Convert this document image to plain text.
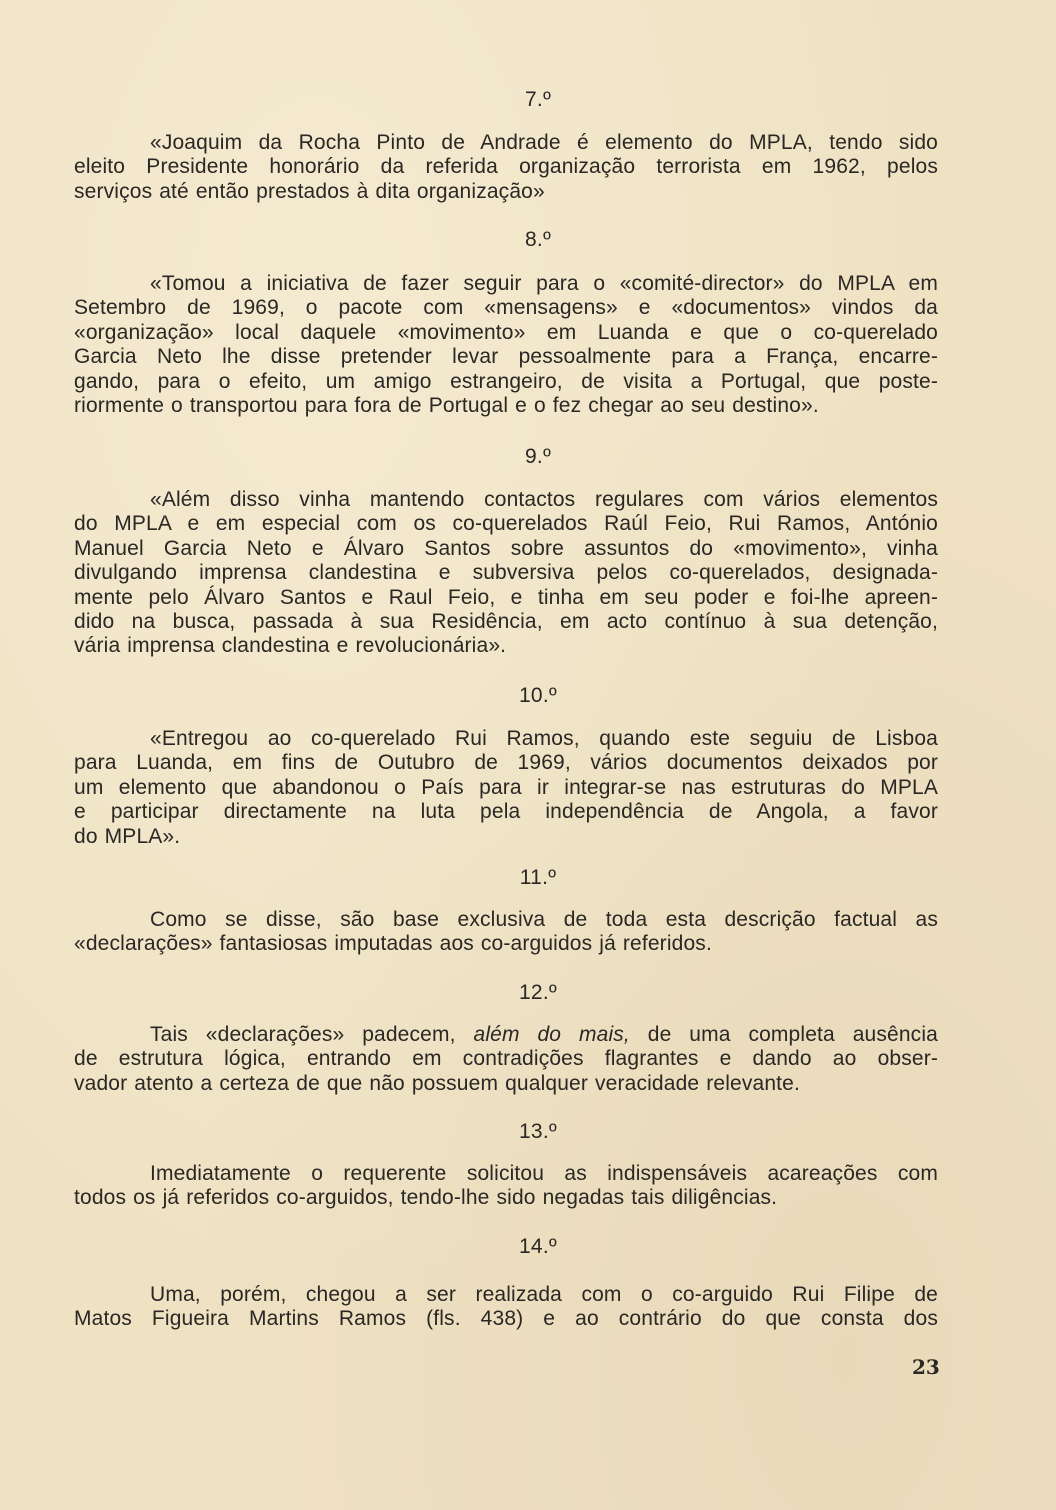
7.º
«Joaquim da Rocha Pinto de Andrade é elemento do MPLA, tendo sido
eleito Presidente honorário da referida organização terrorista em 1962, pelos
serviços até então prestados à dita organização»
8.º
«Tomou a iniciativa de fazer seguir para o «comité-director» do MPLA em
Setembro de 1969, o pacote com «mensagens» e «documentos» vindos da
«organização» local daquele «movimento» em Luanda e que o co-querelado
Garcia Neto lhe disse pretender levar pessoalmente para a França, encarre-
gando, para o efeito, um amigo estrangeiro, de visita a Portugal, que poste-
riormente o transportou para fora de Portugal e o fez chegar ao seu destino».
9.º
«Além disso vinha mantendo contactos regulares com vários elementos
do MPLA e em especial com os co-querelados Raúl Feio, Rui Ramos, António
Manuel Garcia Neto e Álvaro Santos sobre assuntos do «movimento», vinha
divulgando imprensa clandestina e subversiva pelos co-querelados, designada-
mente pelo Álvaro Santos e Raul Feio, e tinha em seu poder e foi-lhe apreen-
dido na busca, passada à sua Residência, em acto contínuo à sua detenção,
vária imprensa clandestina e revolucionária».
10.º
«Entregou ao co-querelado Rui Ramos, quando este seguiu de Lisboa
para Luanda, em fins de Outubro de 1969, vários documentos deixados por
um elemento que abandonou o País para ir integrar-se nas estruturas do MPLA
e participar directamente na luta pela independência de Angola, a favor
do MPLA».
11.º
Como se disse, são base exclusiva de toda esta descrição factual as
«declarações» fantasiosas imputadas aos co-arguidos já referidos.
12.º
Tais «declarações» padecem, além do mais, de uma completa ausência
de estrutura lógica, entrando em contradições flagrantes e dando ao obser-
vador atento a certeza de que não possuem qualquer veracidade relevante.
13.º
Imediatamente o requerente solicitou as indispensáveis acareações com
todos os já referidos co-arguidos, tendo-lhe sido negadas tais diligências.
14.º
Uma, porém, chegou a ser realizada com o co-arguido Rui Filipe de
Matos Figueira Martins Ramos (fls. 438) e ao contrário do que consta dos
23
